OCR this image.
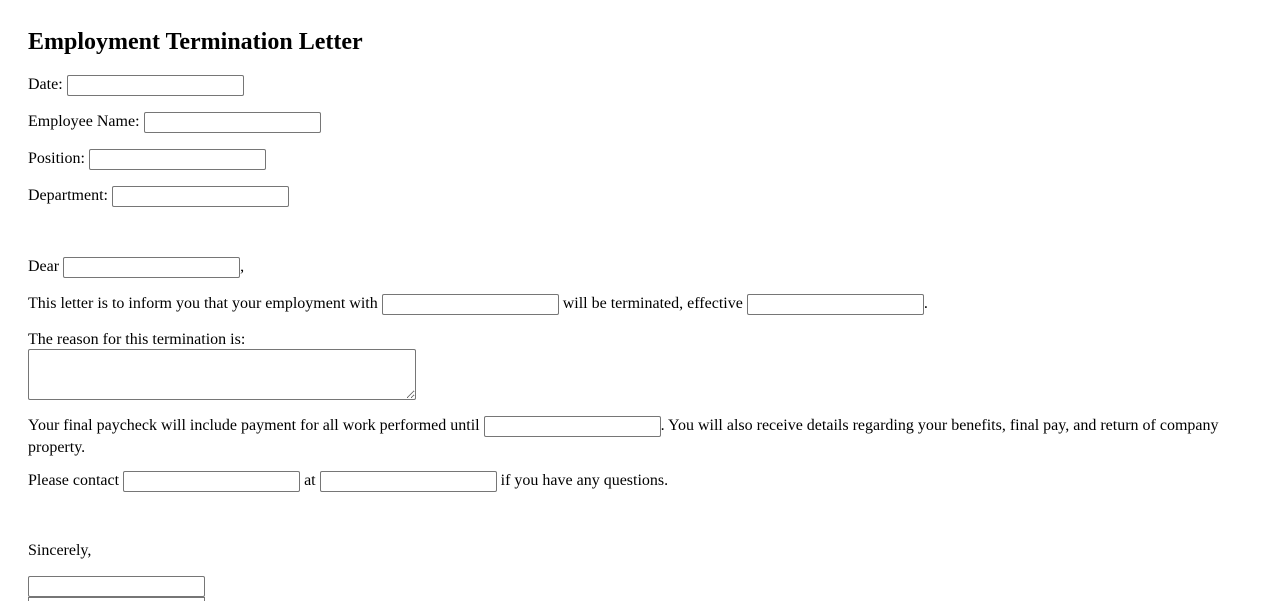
Employment Termination Letter
Date:
Employee Name:
Position:
Department:
Dear	,
This letter is to inform you that your employment with	will be terminated, effective	.
The reason for this termination is:
Your final paycheck will include payment for all work performed until	. You will also receive details regarding your benefits, final pay, and return of company property.
Please contact	at	if you have any questions.
Sincerely,
